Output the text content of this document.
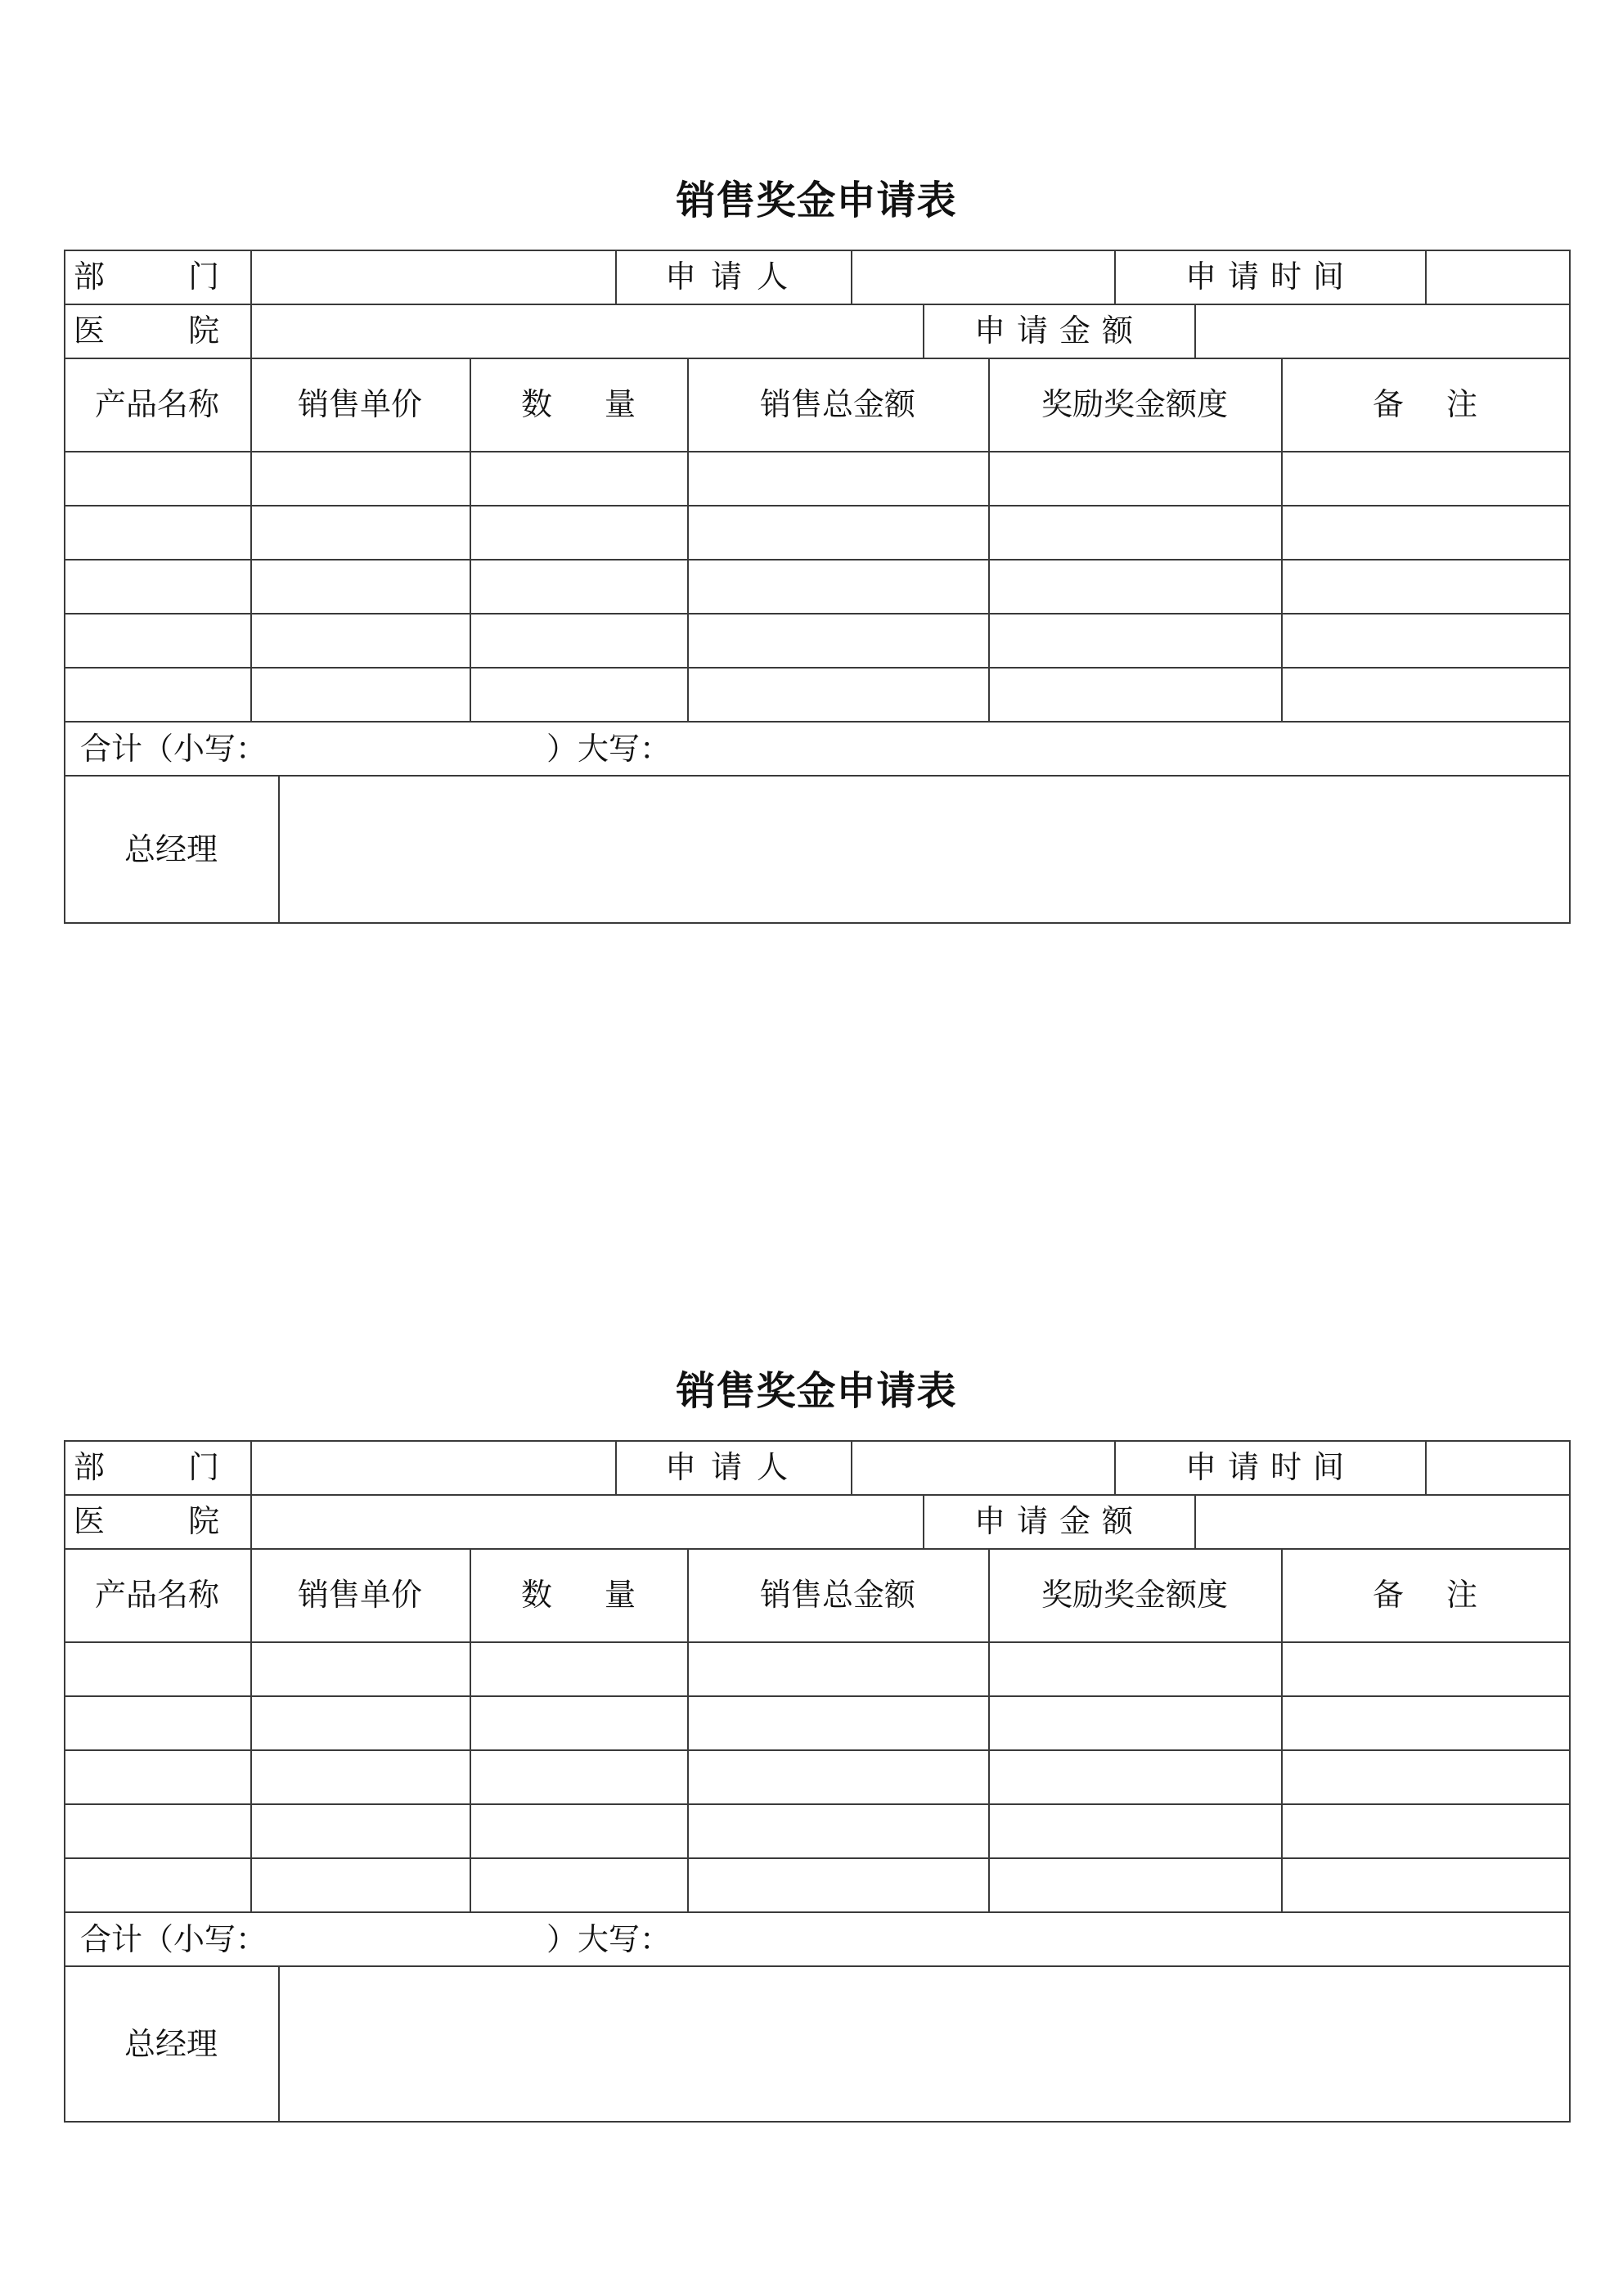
销售奖金申请表
部  门	申请人	申请时间
医  院	申请金额
产品名称	销售单价	数 量	销售总金额	奖励奖金额度	备 注
合计（小写：	）大写：
总经理
销售奖金申请表
部  门	申请人	申请时间
医  院	申请金额
产品名称	销售单价	数 量	销售总金额	奖励奖金额度	备 注
合计（小写：	）大写：
总经理
